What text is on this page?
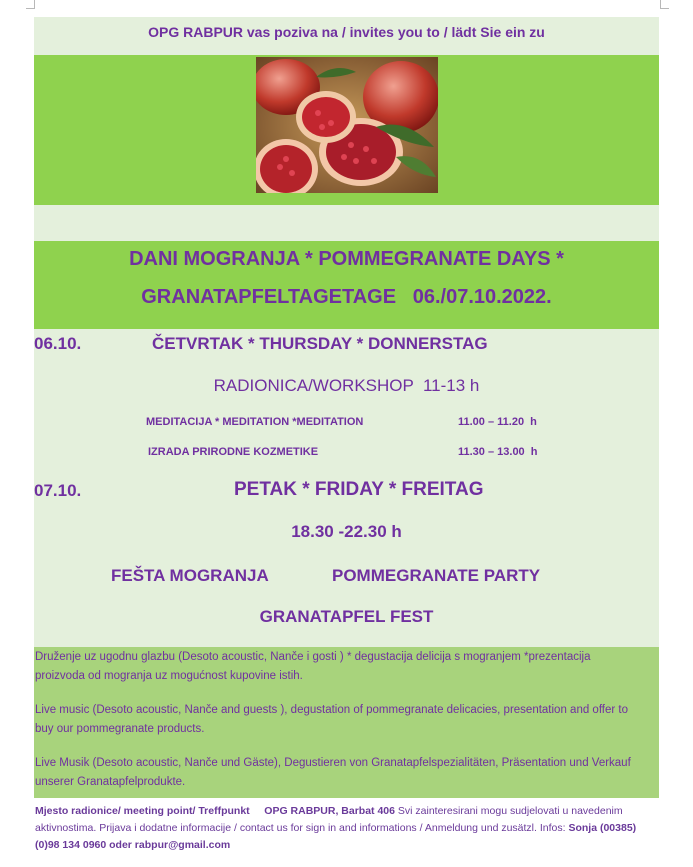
OPG RABPUR vas poziva na / invites you to / lädt Sie ein zu
DANI MOGRANJA * POMMEGRANATE DAYS *
GRANATAPFELTAGETAGE   06./07.10.2022.
06.10.	ČETVRTAK * THURSDAY * DONNERSTAG
RADIONICA/WORKSHOP  11-13 h
MEDITACIJA * MEDITATION *MEDITATION	11.00 – 11.20  h
IZRADA PRIRODNE KOZMETIKE	11.30 – 13.00  h
07.10.	PETAK * FRIDAY * FREITAG
18.30 -22.30 h
FEŠTA MOGRANJA	POMMEGRANATE PARTY
GRANATAPFEL FEST
Druženje uz ugodnu glazbu (Desoto acoustic, Nanče i gosti ) * degustacija delicija s mogranjem *prezentacija proizvoda od mogranja uz mogućnost kupovine istih.
Live music (Desoto acoustic, Nanče and guests ), degustation of pommegranate delicacies, presentation and offer to buy our pommegranate products.
Live Musik (Desoto acoustic, Nanče und Gäste), Degustieren von Granatapfelspezialitäten, Präsentation und Verkauf unserer Granatapfelprodukte.
Mjesto radionice/ meeting point/ Treffpunkt OPG RABPUR, Barbat 406 Svi zainteresirani mogu sudjelovati u navedenim aktivnostima. Prijava i dodatne informacije / contact us for sign in and informations / Anmeldung und zusätzl. Infos: Sonja (00385) (0)98 134 0960 oder rabpur@gmail.com
